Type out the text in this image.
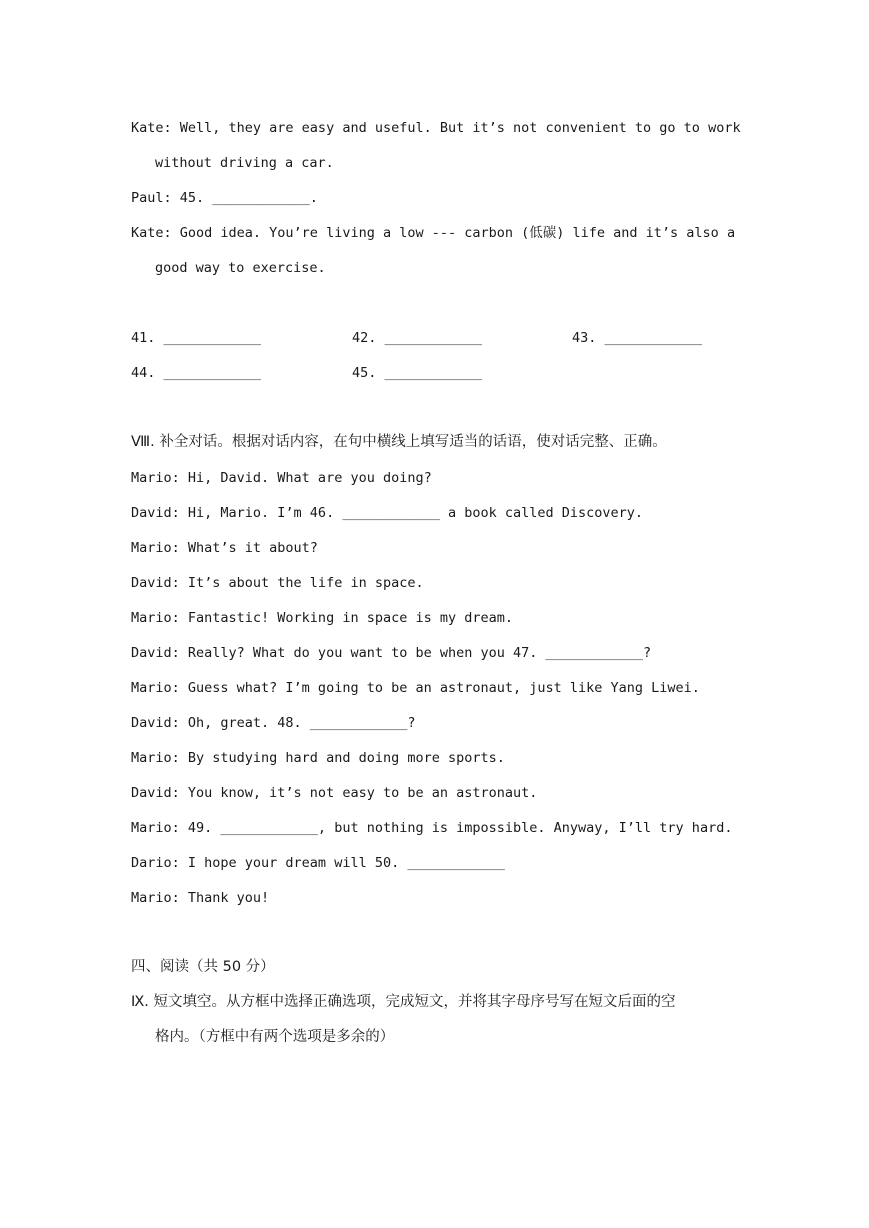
Kate: Well, they are easy and useful. But it’s not convenient to go to work
without driving a car.
Paul: 45. ____________.
Kate: Good idea. You’re living a low --- carbon (低碳) life and it’s also a
good way to exercise.
41. ____________	42. ____________	43. ____________
44. ____________	45. ____________
Ⅷ. 补全对话。根据对话内容，在句中横线上填写适当的话语，使对话完整、正确。
Mario: Hi, David. What are you doing?
David: Hi, Mario. I’m 46. ____________ a book called Discovery.
Mario: What’s it about?
David: It’s about the life in space.
Mario: Fantastic! Working in space is my dream.
David: Really? What do you want to be when you 47. ____________?
Mario: Guess what? I’m going to be an astronaut, just like Yang Liwei.
David: Oh, great. 48. ____________?
Mario: By studying hard and doing more sports.
David: You know, it’s not easy to be an astronaut.
Mario: 49. ____________, but nothing is impossible. Anyway, I’ll try hard.
Dario: I hope your dream will 50. ____________
Mario: Thank you!
四、阅读（共 50 分）
Ⅸ. 短文填空。从方框中选择正确选项，完成短文，并将其字母序号写在短文后面的空
格内。（方框中有两个选项是多余的）
